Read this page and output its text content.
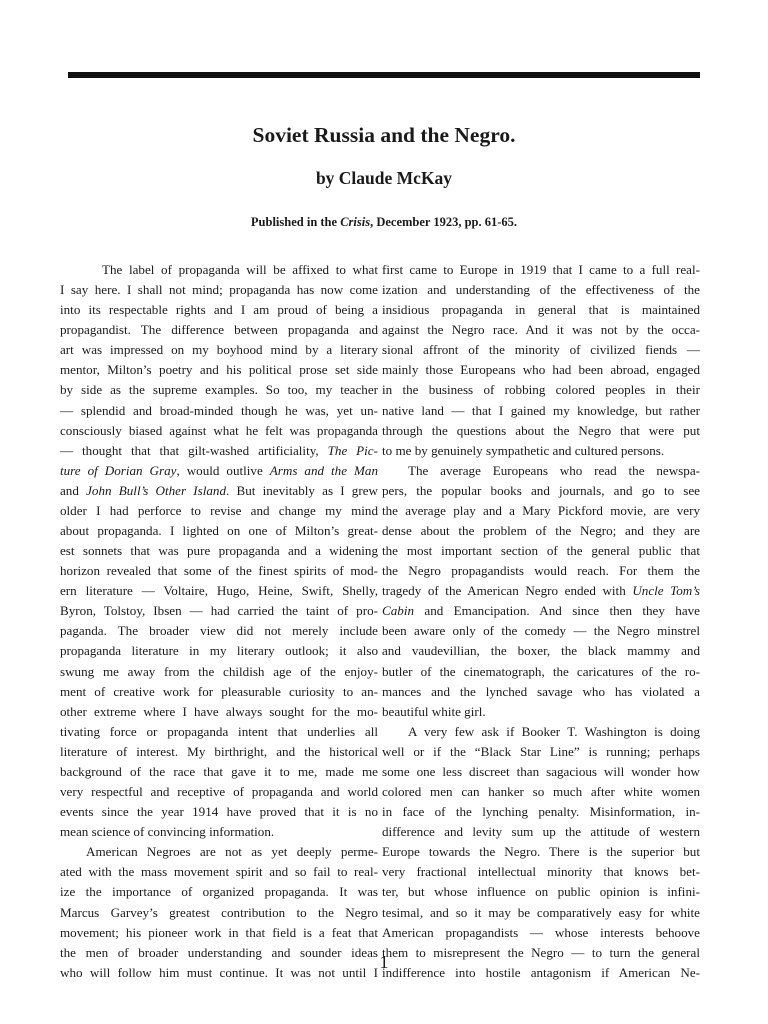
Soviet Russia and the Negro.
by Claude McKay
Published in the Crisis, December 1923, pp. 61-65.
The label of propaganda will be affixed to what
I say here. I shall not mind; propaganda has now come
into its respectable rights and I am proud of being a
propagandist. The difference between propaganda and
art was impressed on my boyhood mind by a literary
mentor, Milton’s poetry and his political prose set side
by side as the supreme examples. So too, my teacher
— splendid and broad-minded though he was, yet un-
consciously biased against what he felt was propaganda
— thought that that gilt-washed artificiality, The Pic-
ture of Dorian Gray, would outlive Arms and the Man
and John Bull’s Other Island. But inevitably as I grew
older I had perforce to revise and change my mind
about propaganda. I lighted on one of Milton’s great-
est sonnets that was pure propaganda and a widening
horizon revealed that some of the finest spirits of mod-
ern literature — Voltaire, Hugo, Heine, Swift, Shelly,
Byron, Tolstoy, Ibsen — had carried the taint of pro-
paganda. The broader view did not merely include
propaganda literature in my literary outlook; it also
swung me away from the childish age of the enjoy-
ment of creative work for pleasurable curiosity to an-
other extreme where I have always sought for the mo-
tivating force or propaganda intent that underlies all
literature of interest. My birthright, and the historical
background of the race that gave it to me, made me
very respectful and receptive of propaganda and world
events since the year 1914 have proved that it is no
mean science of convincing information.
American Negroes are not as yet deeply perme-
ated with the mass movement spirit and so fail to real-
ize the importance of organized propaganda. It was
Marcus Garvey’s greatest contribution to the Negro
movement; his pioneer work in that field is a feat that
the men of broader understanding and sounder ideas
who will follow him must continue. It was not until I
first came to Europe in 1919 that I came to a full real-
ization and understanding of the effectiveness of the
insidious propaganda in general that is maintained
against the Negro race. And it was not by the occa-
sional affront of the minority of civilized fiends —
mainly those Europeans who had been abroad, engaged
in the business of robbing colored peoples in their
native land — that I gained my knowledge, but rather
through the questions about the Negro that were put
to me by genuinely sympathetic and cultured persons.
The average Europeans who read the newspa-
pers, the popular books and journals, and go to see
the average play and a Mary Pickford movie, are very
dense about the problem of the Negro; and they are
the most important section of the general public that
the Negro propagandists would reach. For them the
tragedy of the American Negro ended with Uncle Tom’s
Cabin and Emancipation. And since then they have
been aware only of the comedy — the Negro minstrel
and vaudevillian, the boxer, the black mammy and
butler of the cinematograph, the caricatures of the ro-
mances and the lynched savage who has violated a
beautiful white girl.
A very few ask if Booker T. Washington is doing
well or if the “Black Star Line” is running; perhaps
some one less discreet than sagacious will wonder how
colored men can hanker so much after white women
in face of the lynching penalty. Misinformation, in-
difference and levity sum up the attitude of western
Europe towards the Negro. There is the superior but
very fractional intellectual minority that knows bet-
ter, but whose influence on public opinion is infini-
tesimal, and so it may be comparatively easy for white
American propagandists — whose interests behoove
them to misrepresent the Negro — to turn the general
indifference into hostile antagonism if American Ne-
1
